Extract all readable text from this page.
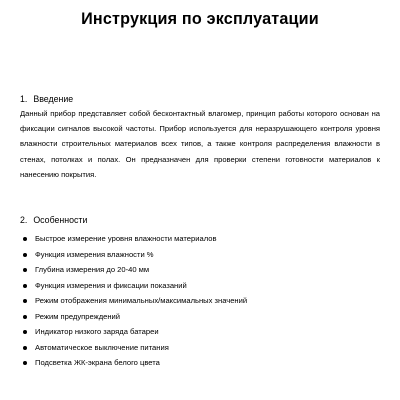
Инструкция по эксплуатации
1. Введение

Данный прибор представляет собой бесконтактный влагомер, принцип работы которого основан на фиксации сигналов высокой частоты. Прибор используется для неразрушающего контроля уровня влажности строительных материалов всех типов, а также контроля распределения влажности в стенах, потолках и полах. Он предназначен для проверки степени готовности материалов к нанесению покрытия.

2. Особенности
Быстрое измерение уровня влажности материалов
Функция измерения влажности %
Глубина измерения до 20-40 мм
Функция измерения и фиксации показаний
Режим отображения минимальных/максимальных значений
Режим предупреждений
Индикатор низкого заряда батареи
Автоматическое выключение питания
Подсветка ЖК-экрана белого цвета
